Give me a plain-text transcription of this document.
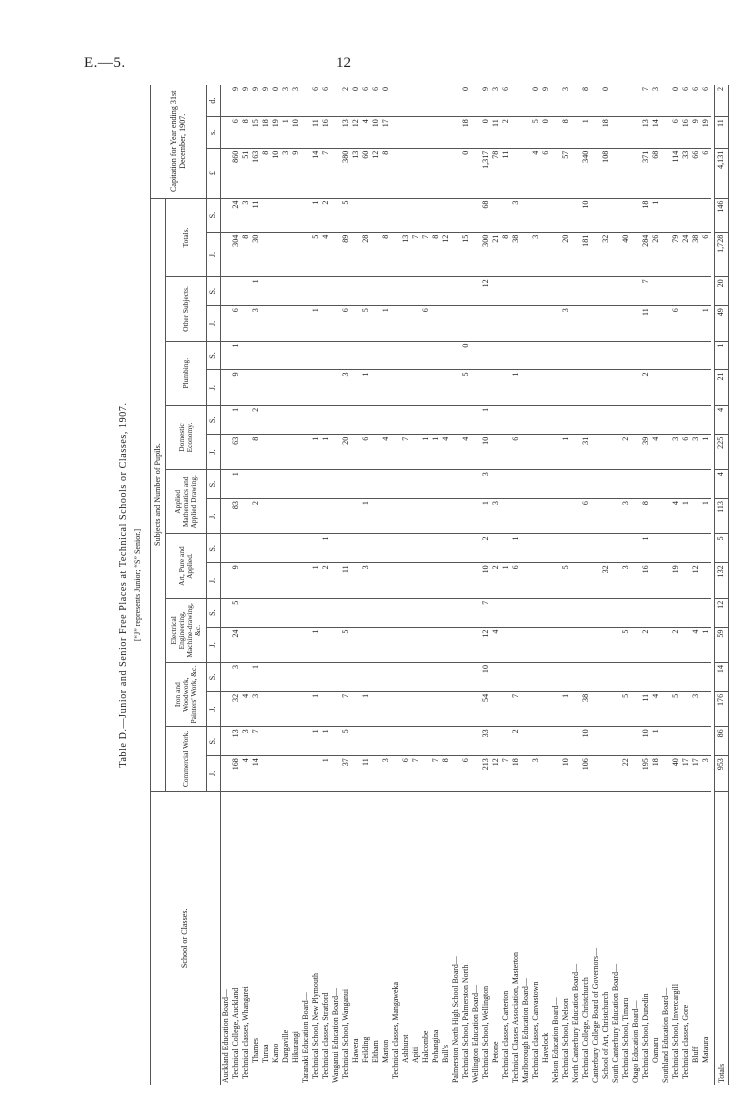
E.—5.	12
Table D.—Junior and Senior Free Places at Technical Schools or Classes, 1907. [“J” represents Junior; “S” Senior.]
School or Classes.	Subjects and Number of Pupils.																		Capitation for Year ending 31st December, 1907.		
	Commercial Work.		Iron and Woodwork, Painters' Work, &c.		Electrical Engineering, Machine-drawing, &c.		Art, Pure and Applied.		Applied Mathematics and Applied Drawing.		Domestic Economy.		Plumbing.		Other Subjects.		Totals.				
	J.	S.	J.	S.	J.	S.	J.	S.	J.	S.	J.	S.	J.	S.	J.	S.	J.	S.	£	s.	d.
Auckland Education Board—																					
Technical College, Auckland	168	13	32	3	24	5	9		83	1	63	1	9	1	6		304	24	860	6	9
Technical classes, Whangarei	4	3	4														8	3	51	8	9
Thames	14	7	3	1					2		8	2			3	1	30	11	163	15	9
Turua																			8	18	9
Kamo																			10	19	0
Dargaville																			3	1	3
Hikurangi																			9	10	3
Taranaki Education Board—																					
Technical School, New Plymouth		1	1		1		1				1				1		5	1	14	11	6
Technical classes, Stratford	1	1					2	1			1						4	2	7	16	6
Wanganui Education Board—																					
Technical School, Wanganui	37	5	7		5		11				20		3		6		89	5	380	13	2
Hawera																			13	12	0
Feilding	11		1				3		1		6		1		5		28		60	4	6
Eltham																			12	10	6
Marton	3										4				1		8		8	17	0
Technical classes, Mangaweka																					
Ashhurst	6										7						13				
Apiti	7																7				
Halcombe											1				6		7				
Pohangina	7										1						8				
Bull's	8										4						12				
Palmerston North High School Board—																					
Technical School, Palmerston North	6										4		5	0			15		0	18	0
Wellington Education Board—																					
Technical School, Wellington	213	33	54	10	12	7	10	2	1	3	10	1				12	300	68	1,317	0	9
Petone	12				4		2		3								21		78	11	3
Technical classes, Carterton	7						1										8		11	2	6
Technical Classes Association, Masterton	18	2	7				6	1			6		1				38	3			
Marlborough Education Board—																					
Technical classes, Canvastown	3																3		4	5	0
Havelock																			6	0	9
Nelson Education Board—																					
Technical School, Nelson	10		1				5				1				3		20		57	8	3
North Canterbury Education Board—																					
Technical College, Christchurch	106	10	38						6		31						181	10	340	1	8
Canterbury College Board of Governors—																					
School of Art, Christchurch							32										32		108	18	0
South Canterbury Education Board—																					
Technical School, Timaru	22		5		5		3		3		2						40				
Otago Education Board—																					
Technical School, Dunedin	195	10	11		2		16	1	8		39		2		11	7	284	18	371	13	7
Oamaru	18	1	4								4						26	1	68	14	3
Southland Education Board—																					
Technical School, Invercargill	40		5		2		19		4		3				6		79		114	6	0
Technical classes, Gore	17								1		6						24		33	16	6
Bluff	17		3		4		12				3						38		66	9	6
Mataura	3				1				1		1				1		6		6	19	6

Totals	953	86	176	14	59	12	132	5	113	4	225	4	21	1	49	20	1,728	146	4,131	11	2
